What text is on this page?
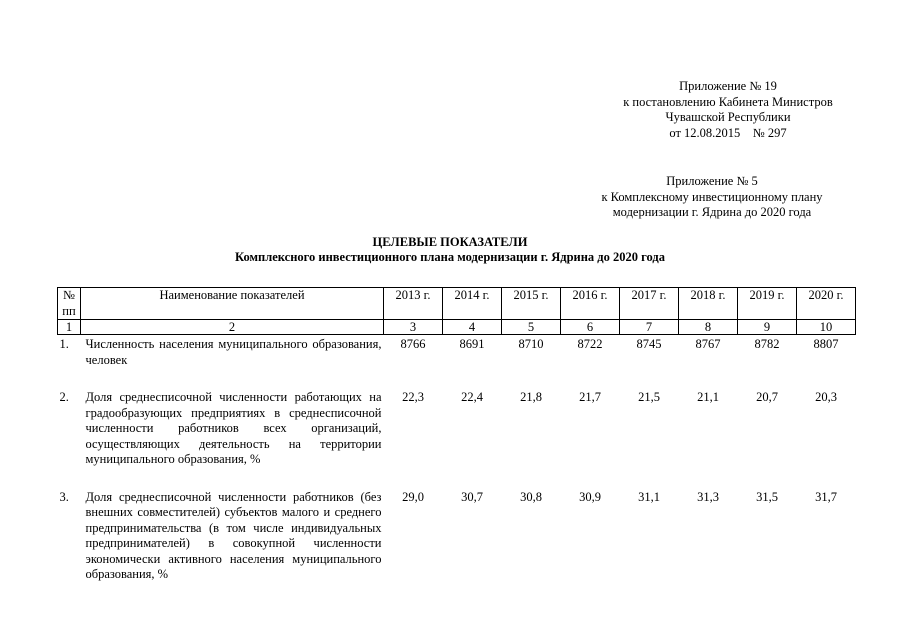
Приложение № 19
к постановлению Кабинета Министров
Чувашской Республики
от 12.08.2015    № 297
Приложение № 5
к Комплексному инвестиционному плану
модернизации г. Ядрина до 2020 года
ЦЕЛЕВЫЕ ПОКАЗАТЕЛИ
Комплексного инвестиционного плана модернизации г. Ядрина до 2020 года
№ пп	Наименование показателей	2013 г.	2014 г.	2015 г.	2016 г.	2017 г.	2018 г.	2019 г.	2020 г.
1	2	3	4	5	6	7	8	9	10
1.	Численность населения муниципального образования, человек	8766	8691	8710	8722	8745	8767	8782	8807

2.	Доля среднесписочной численности работающих на градообразующих предприятиях в среднесписочной численности работников всех организаций, осуществляющих деятельность на территории муниципального образования, %	22,3	22,4	21,8	21,7	21,5	21,1	20,7	20,3

3.	Доля среднесписочной численности работников (без внешних совместителей) субъектов малого и среднего предпринимательства (в том числе индивидуальных предпринимателей) в совокупной численности экономически активного населения муниципального образования, %	29,0	30,7	30,8	30,9	31,1	31,3	31,5	31,7
